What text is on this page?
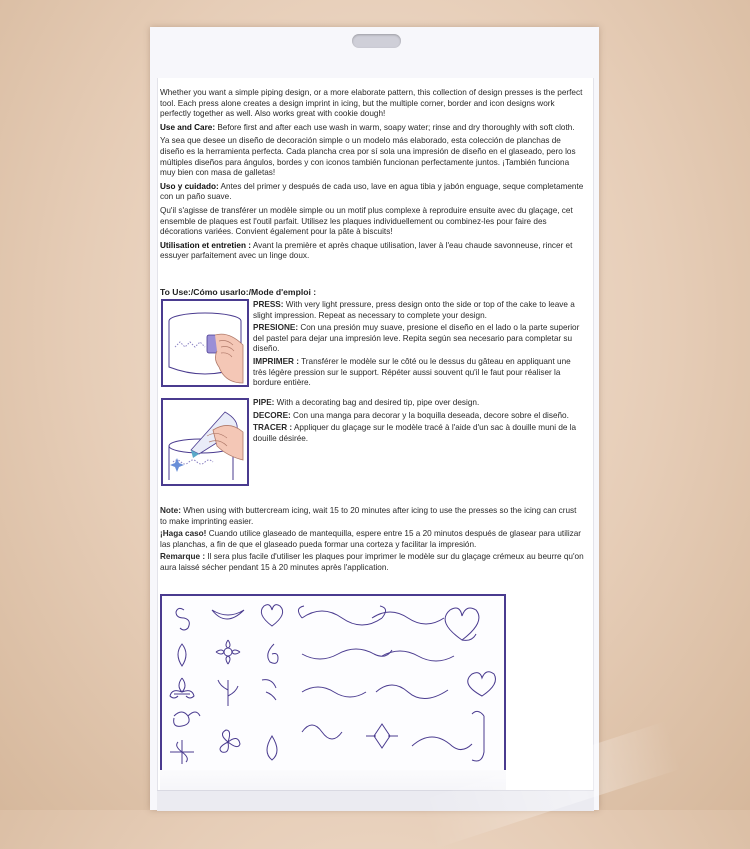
Whether you want a simple piping design, or a more elaborate pattern, this collection of design presses is the perfect tool. Each press alone creates a design imprint in icing, but the multiple corner, border and icon designs work perfectly together as well. Also works great with cookie dough!

Use and Care: Before first and after each use wash in warm, soapy water; rinse and dry thoroughly with soft cloth.

Ya sea que desee un diseño de decoración simple o un modelo más elaborado, esta colección de planchas de diseño es la herramienta perfecta. Cada plancha crea por sí sola una impresión de diseño en el glaseado, pero los múltiples diseños para ángulos, bordes y con iconos también funcionan perfectamente juntos. ¡También funciona muy bien con masa de galletas!

Uso y cuidado: Antes del primer y después de cada uso, lave en agua tibia y jabón enguage, seque completamente con un paño suave.

Qu'il s'agisse de transférer un modèle simple ou un motif plus complexe à reproduire ensuite avec du glaçage, cet ensemble de plaques est l'outil parfait. Utilisez les plaques individuellement ou combinez-les pour faire des décorations variées. Convient également pour la pâte à biscuits!

Utilisation et entretien : Avant la première et après chaque utilisation, laver à l'eau chaude savonneuse, rincer et essuyer parfaitement avec un linge doux.

To Use:/Cómo usarlo:/Mode d'emploi :

PRESS: With very light pressure, press design onto the side or top of the cake to leave a slight impression. Repeat as necessary to complete your design.

PRESIONE: Con una presión muy suave, presione el diseño en el lado o la parte superior del pastel para dejar una impresión leve. Repita según sea necesario para completar su diseño.

IMPRIMER : Transférer le modèle sur le côté ou le dessus du gâteau en appliquant une très légère pression sur le support. Répéter aussi souvent qu'il le faut pour réaliser la bordure entière.

PIPE: With a decorating bag and desired tip, pipe over design.

DECORE: Con una manga para decorar y la boquilla deseada, decore sobre el diseño.

TRACER : Appliquer du glaçage sur le modèle tracé à l'aide d'un sac à douille muni de la douille désirée.

Note: When using with buttercream icing, wait 15 to 20 minutes after icing to use the presses so the icing can crust to make imprinting easier.

¡Haga caso! Cuando utilice glaseado de mantequilla, espere entre 15 a 20 minutos después de glasear para utilizar las planchas, a fin de que el glaseado pueda formar una corteza y facilitar la impresión.

Remarque : Il sera plus facile d'utiliser les plaques pour imprimer le modèle sur du glaçage crémeux au beurre qu'on aura laissé sécher pendant 15 à 20 minutes après l'application.
